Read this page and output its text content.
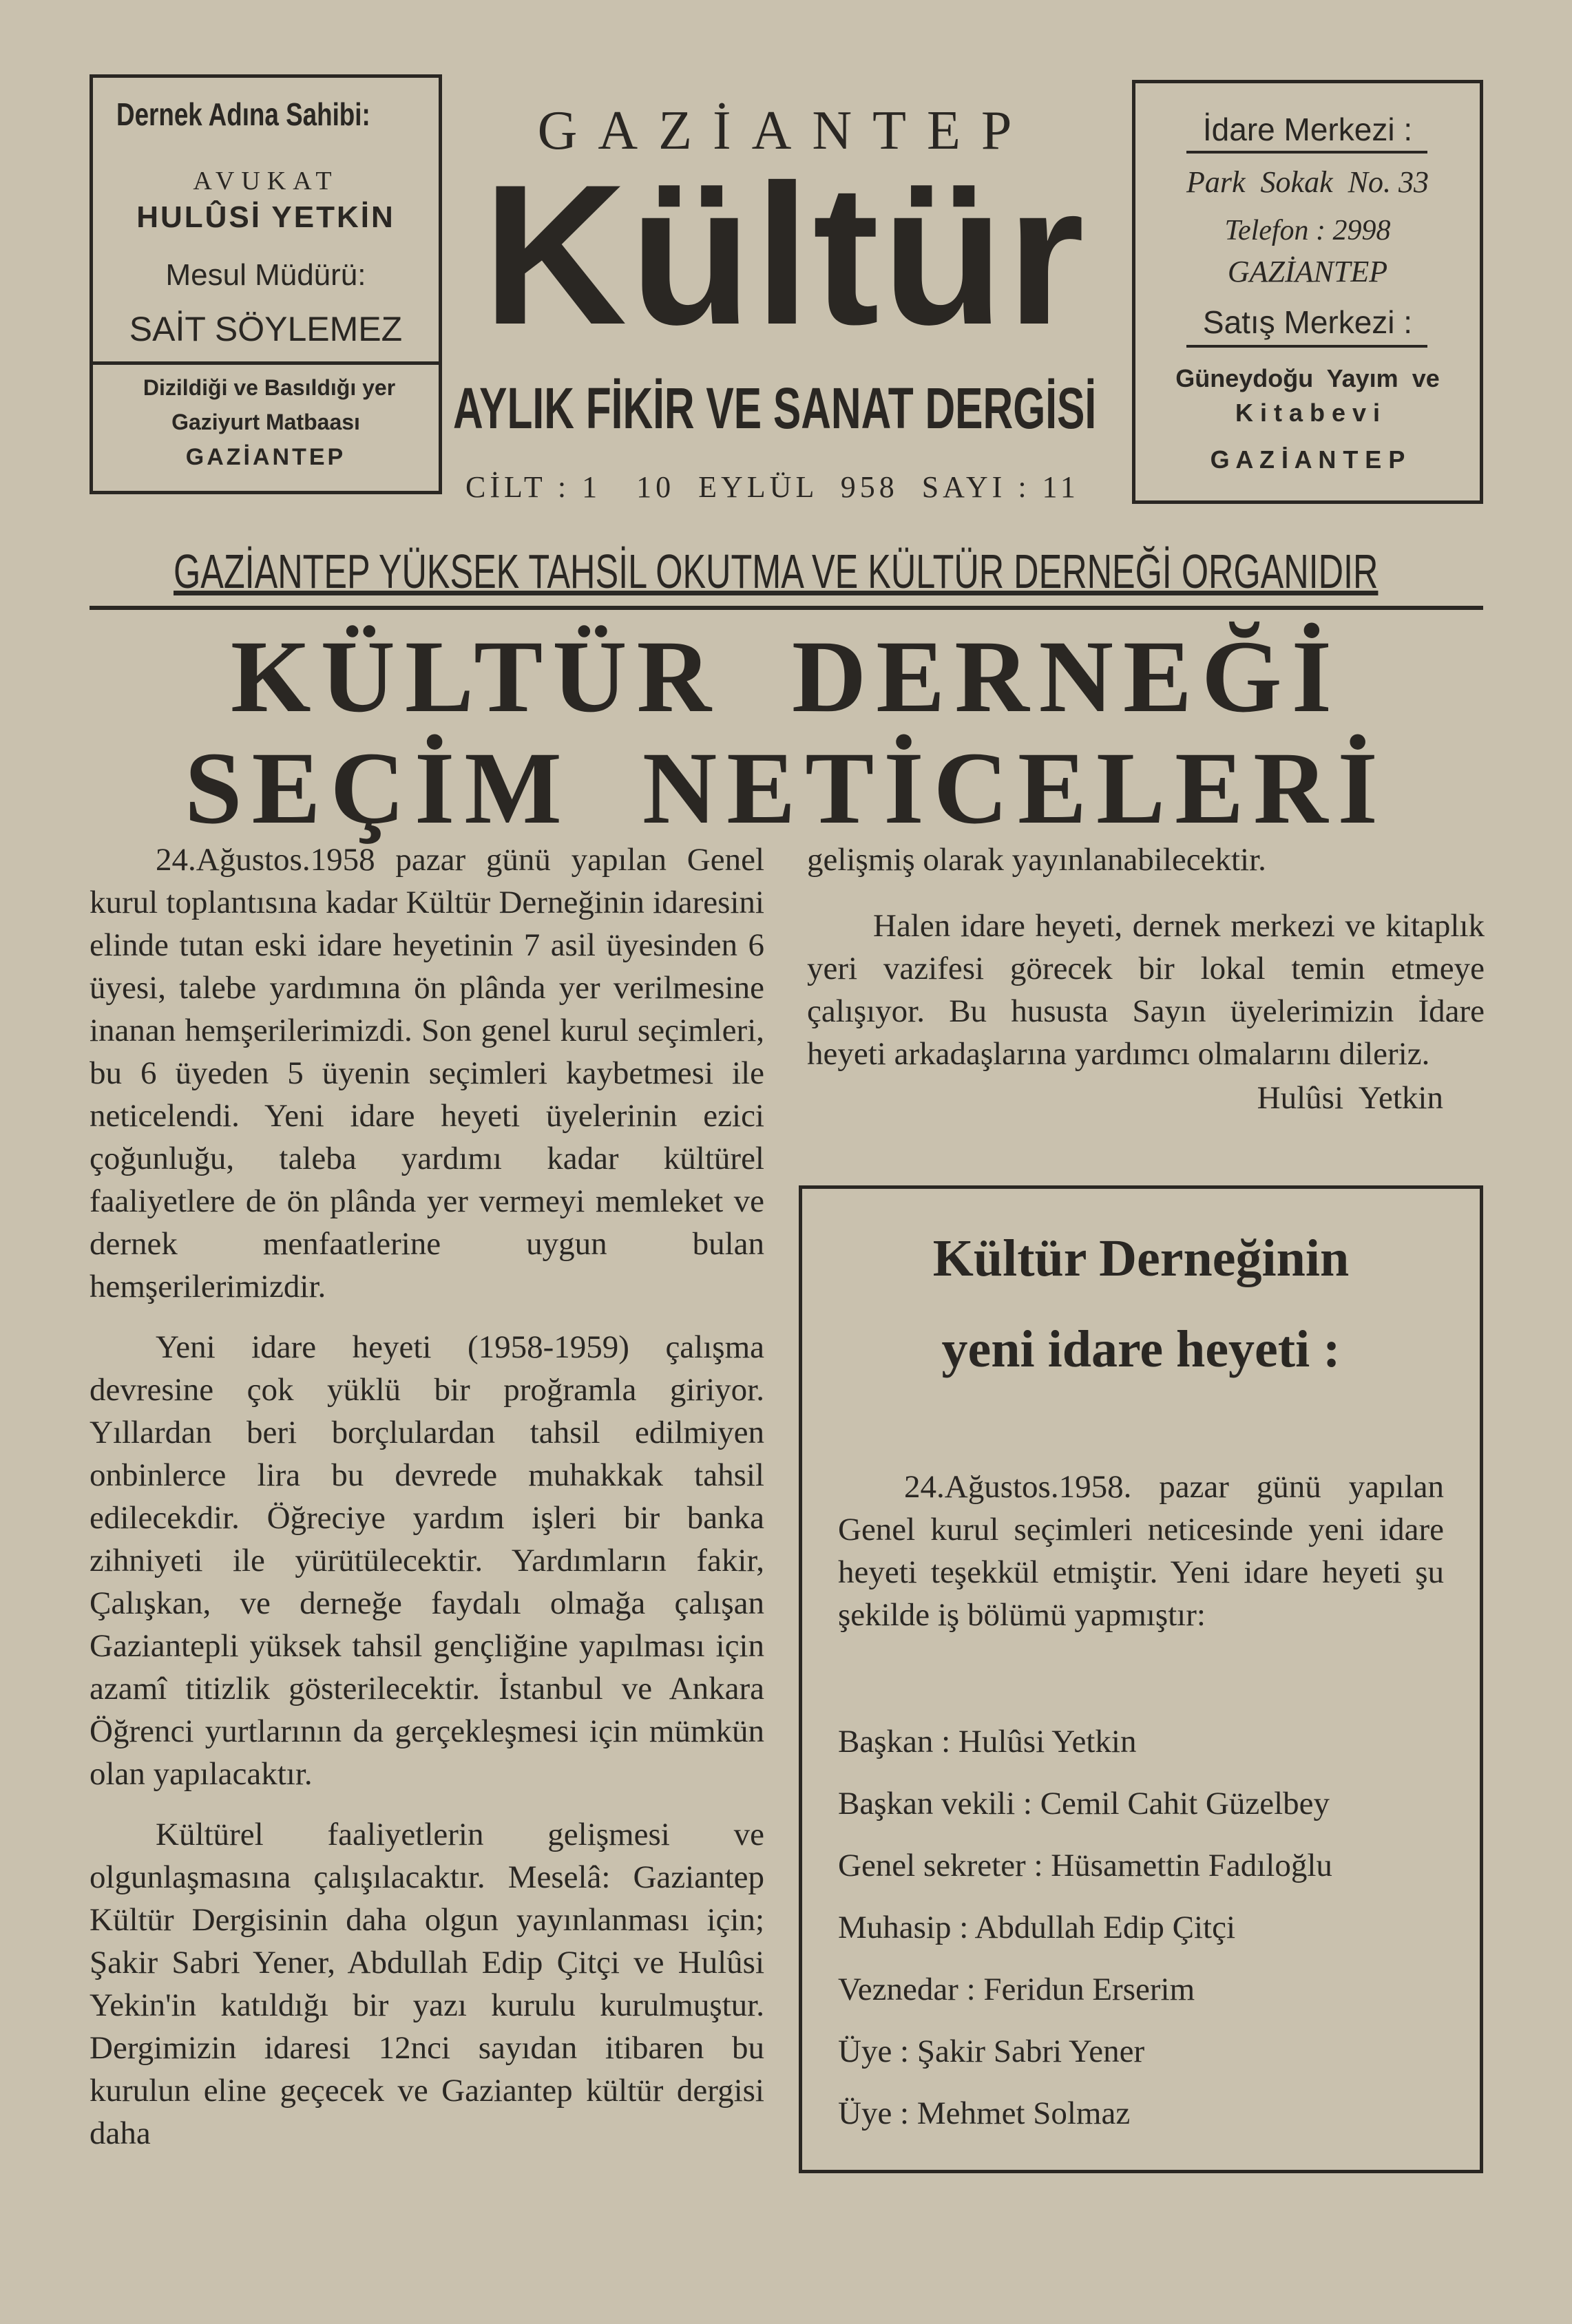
Dernek Adına Sahibi:
AVUKAT
HULÛSİ YETKİN
Mesul Müdürü:
SAİT SÖYLEMEZ
Dizildiği ve Basıldığı yer
Gaziyurt Matbaası
GAZİANTEP
GAZİANTEP
Kültür
AYLIK FİKİR VE SANAT DERGİSİ
CİLT : 1   10  EYLÜL  958  SAYI : 11
İdare Merkezi :
Park  Sokak  No. 33
Telefon : 2998
GAZİANTEP
Satış Merkezi :
Güneydoğu  Yayım  ve
K i t a b e v i
G A Z İ A N T E P
GAZİANTEP YÜKSEK TAHSİL OKUTMA VE KÜLTÜR DERNEĞİ ORGANIDIR
KÜLTÜR  DERNEĞİ
SEÇİM  NETİCELERİ

24.Ağustos.1958 pazar günü yapılan Genel kurul toplantısına kadar Kültür Derneğinin idaresini elinde tutan eski idare heyetinin 7 asil üyesinden 6 üyesi, talebe yardımına ön plânda yer verilmesine inanan hemşerilerimizdi. Son genel kurul seçimleri, bu 6 üyeden 5 üyenin seçimleri kaybetmesi ile neticelendi. Yeni idare heyeti üyelerinin ezici çoğunluğu, taleba yardımı kadar kültürel faaliyetlere de ön plânda yer vermeyi memleket ve dernek menfaatlerine uygun bulan hemşerilerimizdir.

Yeni idare heyeti (1958-1959) çalışma devresine çok yüklü bir proğramla giriyor. Yıllardan beri borçlulardan tahsil edilmiyen onbinlerce lira bu devrede muhakkak tahsil edilecekdir. Öğreciye yardım işleri bir banka zihniyeti ile yürütülecektir. Yardımların fakir, Çalışkan, ve derneğe faydalı olmağa çalışan Gaziantepli yüksek tahsil gençliğine yapılması için azamî titizlik gösterilecektir. İstanbul ve Ankara Öğrenci yurtlarının da gerçekleşmesi için mümkün olan yapılacaktır.

Kültürel faaliyetlerin gelişmesi ve olgunlaşmasına çalışılacaktır. Meselâ: Gaziantep Kültür Dergisinin daha olgun yayınlanması için; Şakir Sabri Yener, Abdullah Edip Çitçi ve Hulûsi Yekin'in katıldığı bir yazı kurulu kurulmuştur. Dergimizin idaresi 12nci sayıdan itibaren bu kurulun eline geçecek ve Gaziantep kültür dergisi daha

gelişmiş olarak yayınlanabilecektir.

Halen idare heyeti, dernek merkezi ve kitaplık yeri vazifesi görecek bir lokal temin etmeye çalışıyor. Bu hususta Sayın üyelerimizin İdare heyeti arkadaşlarına yardımcı olmalarını dileriz.

Hulûsi  Yetkin
Kültür Derneğinin
yeni idare heyeti :

24.Ağustos.1958. pazar günü yapılan Genel kurul seçimleri neticesinde yeni idare heyeti teşekkül etmiştir. Yeni idare heyeti şu şekilde iş bölümü yapmıştır:

Başkan : Hulûsi Yetkin
Başkan vekili : Cemil Cahit Güzelbey
Genel sekreter : Hüsamettin Fadıloğlu
Muhasip : Abdullah Edip Çitçi
Veznedar : Feridun Erserim
Üye : Şakir Sabri Yener
Üye : Mehmet Solmaz
